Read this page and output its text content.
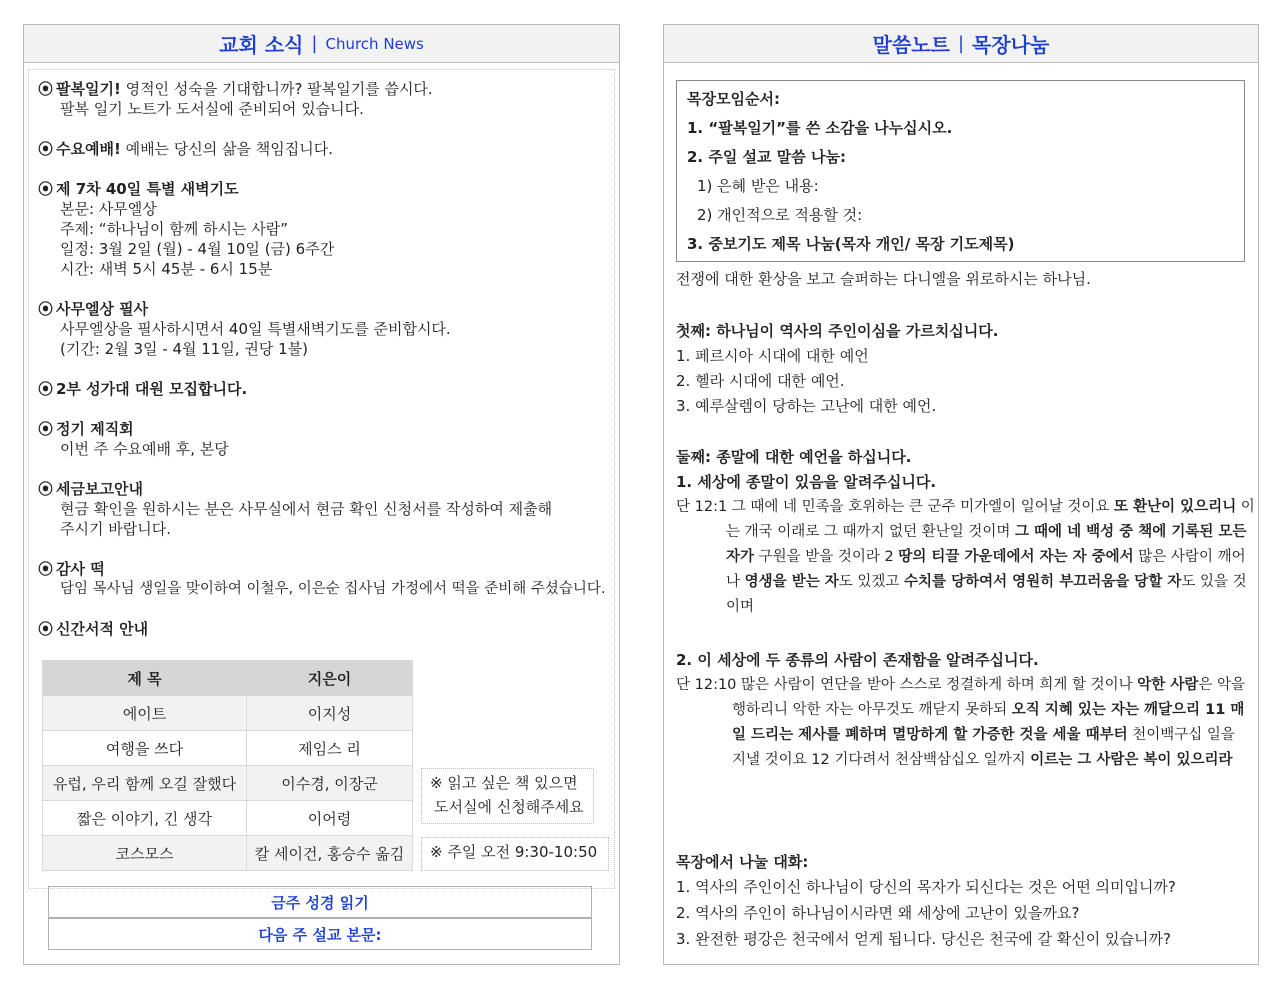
교회 소식 | Church News
⦿ 팔복일기! 영적인 성숙을 기대합니까? 팔복일기를 씁시다.
팔복 일기 노트가 도서실에 준비되어 있습니다.
⦿ 수요예배! 예배는 당신의 삶을 책임집니다.
⦿ 제 7차 40일 특별 새벽기도
본문: 사무엘상
주제: “하나님이 함께 하시는 사람”
일정: 3월 2일 (월) - 4월 10일 (금) 6주간
시간: 새벽 5시 45분 - 6시 15분
⦿ 사무엘상 필사
사무엘상을 필사하시면서 40일 특별새벽기도를 준비합시다.
(기간: 2월 3일 - 4월 11일, 권당 1불)
⦿ 2부 성가대 대원 모집합니다.
⦿ 정기 제직회
이번 주 수요예배 후, 본당
⦿ 세금보고안내
현금 확인을 원하시는 분은 사무실에서 현금 확인 신청서를 작성하여 제출해
주시기 바랍니다.
⦿ 감사 떡
담임 목사님 생일을 맞이하여 이철우, 이은순 집사님 가정에서 떡을 준비해 주셨습니다.
⦿ 신간서적 안내
제 목	지은이
에이트	이지성
여행을 쓰다	제임스 리
유럽, 우리 함께 오길 잘했다	이수경, 이장군
짧은 이야기, 긴 생각	이어령
코스모스	칼 세이건, 홍승수 옮김
※ 읽고 싶은 책 있으면
도서실에 신청해주세요
※ 주일 오전 9:30-10:50
금주 성경 읽기
다음 주 설교 본문:
말씀노트 | 목장나눔
목장모임순서:
1. “팔복일기”를 쓴 소감을 나누십시오.
2. 주일 설교 말씀 나눔:
1) 은혜 받은 내용:
2) 개인적으로 적용할 것:
3. 중보기도 제목 나눔(목자 개인/ 목장 기도제목)
전쟁에 대한 환상을 보고 슬퍼하는 다니엘을 위로하시는 하나님.
첫째: 하나님이 역사의 주인이심을 가르치십니다.
1. 페르시아 시대에 대한 예언
2. 헬라 시대에 대한 예언.
3. 예루살렘이 당하는 고난에 대한 예언.
둘째: 종말에 대한 예언을 하십니다.
1. 세상에 종말이 있음을 알려주십니다.

단 12:1 그 때에 네 민족을 호위하는 큰 군주 미가엘이 일어날 것이요 또 환난이 있으리니 이

는 개국 이래로 그 때까지 없던 환난일 것이며 그 때에 네 백성 중 책에 기록된 모든

자가 구원을 받을 것이라 2 땅의 티끌 가운데에서 자는 자 중에서 많은 사람이 깨어

나 영생을 받는 자도 있겠고 수치를 당하여서 영원히 부끄러움을 당할 자도 있을 것

이며

2. 이 세상에 두 종류의 사람이 존재함을 알려주십니다.

단 12:10 많은 사람이 연단을 받아 스스로 정결하게 하며 희게 할 것이나 악한 사람은 악을

행하리니 악한 자는 아무것도 깨닫지 못하되 오직 지혜 있는 자는 깨달으리 11 매

일 드리는 제사를 폐하며 멸망하게 할 가증한 것을 세울 때부터 천이백구십 일을

지낼 것이요 12 기다려서 천삼백삼십오 일까지 이르는 그 사람은 복이 있으리라

목장에서 나눌 대화:
1. 역사의 주인이신 하나님이 당신의 목자가 되신다는 것은 어떤 의미입니까?
2. 역사의 주인이 하나님이시라면 왜 세상에 고난이 있을까요?
3. 완전한 평강은 천국에서 얻게 됩니다. 당신은 천국에 갈 확신이 있습니까?
